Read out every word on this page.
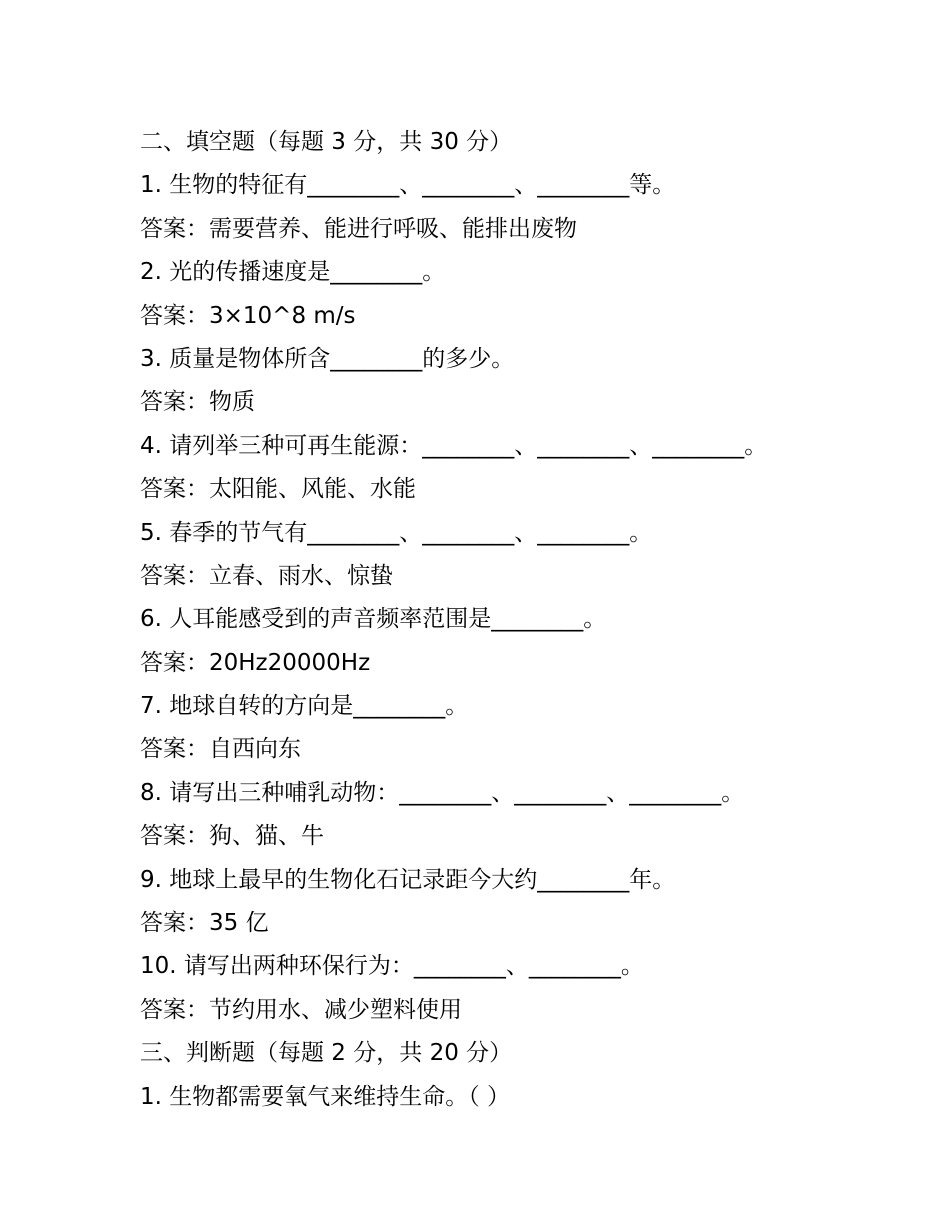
二、填空题（每题 3 分，共 30 分）
1. 生物的特征有________、________、________等。
答案：需要营养、能进行呼吸、能排出废物
2. 光的传播速度是________。
答案：3×10^8 m/s
3. 质量是物体所含________的多少。
答案：物质
4. 请列举三种可再生能源：________、________、________。
答案：太阳能、风能、水能
5. 春季的节气有________、________、________。
答案：立春、雨水、惊蛰
6. 人耳能感受到的声音频率范围是________。
答案：20Hz20000Hz
7. 地球自转的方向是________。
答案：自西向东
8. 请写出三种哺乳动物：________、________、________。
答案：狗、猫、牛
9. 地球上最早的生物化石记录距今大约________年。
答案：35 亿
10. 请写出两种环保行为：________、________。
答案：节约用水、减少塑料使用
三、判断题（每题 2 分，共 20 分）
1. 生物都需要氧气来维持生命。（ ）
